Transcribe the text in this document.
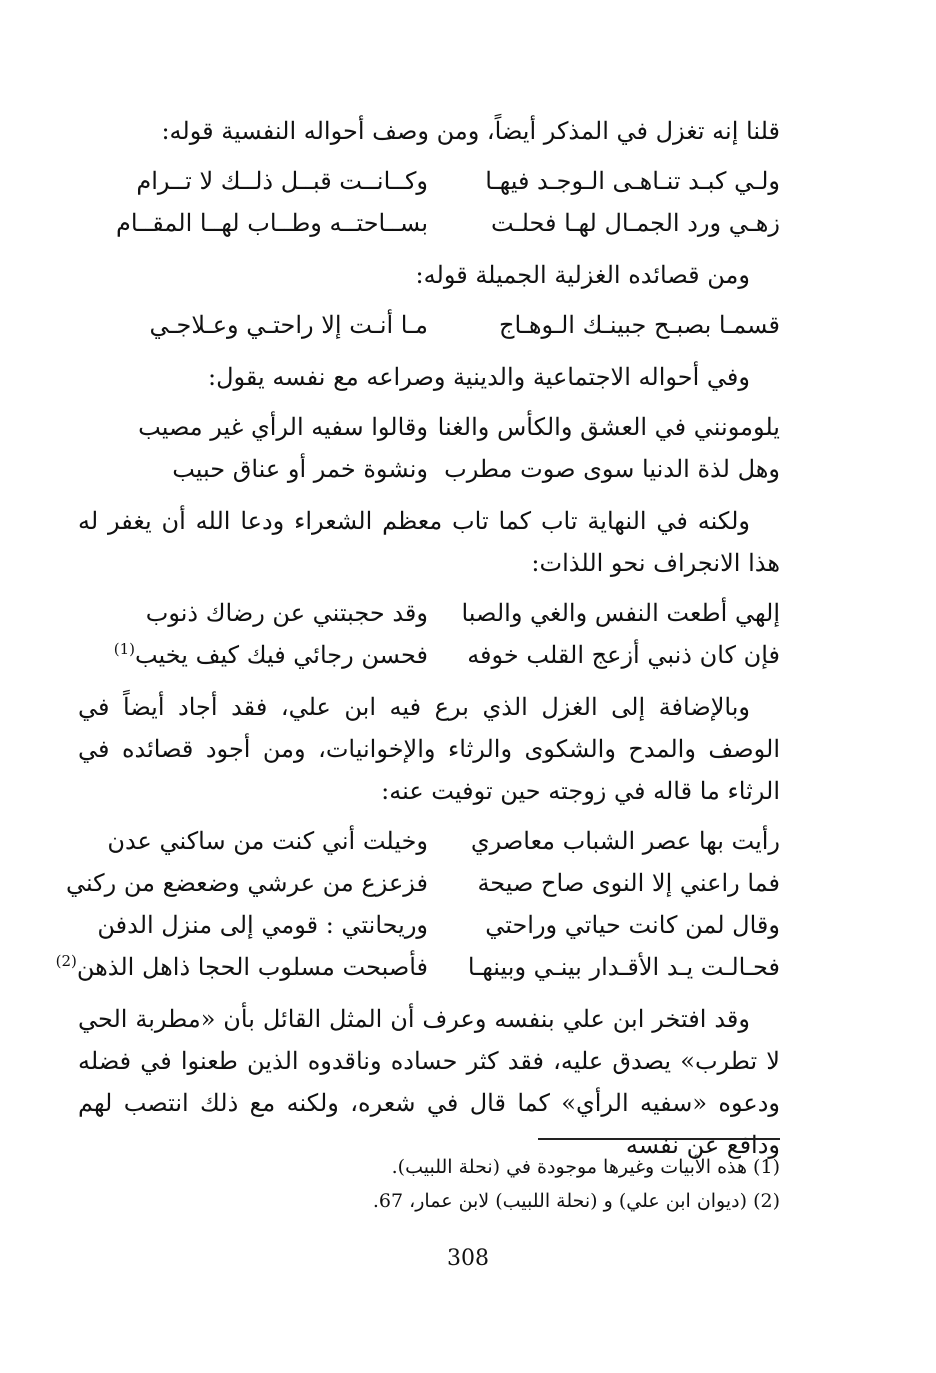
قلنا إنه تغزل في المذكر أيضاً، ومن وصف أحواله النفسية قوله:

ولـي كبـد تنـاهـى الـوجـد فيهـا
وكــانــت قبــل ذلــك لا تــرام
زهـي ورد الجمـال لهـا فحلـت
بســاحتــه وطــاب لهــا المقــام

ومن قصائده الغزلية الجميلة قوله:

قسمـا بصبـح جبينـك الـوهـاج
مـا أنـت إلا راحتـي وعـلاجـي

وفي أحواله الاجتماعية والدينية وصراعه مع نفسه يقول:

يلومونني في العشق والكأس والغنا
وقالوا سفيه الرأي غير مصيب
وهل لذة الدنيا سوى صوت مطرب
ونشوة خمر أو عناق حبيب

ولكنه في النهاية تاب كما تاب معظم الشعراء ودعا الله أن يغفر له هذا الانجراف نحو اللذات:

إلهي أطعت النفس والغي والصبا
وقد حجبتني عن رضاك ذنوب
فإن كان ذنبي أزعج القلب خوفه
فحسن رجائي فيك كيف يخيب$^{(1)}$

وبالإضافة إلى الغزل الذي برع فيه ابن علي، فقد أجاد أيضاً في الوصف والمدح والشكوى والرثاء والإخوانيات، ومن أجود قصائده في الرثاء ما قاله في زوجته حين توفيت عنه:

رأيت بها عصر الشباب معاصري
وخيلت أني كنت من ساكني عدن
فما راعني إلا النوى صاح صيحة
فزعزع من عرشي وضعضع من ركني
وقال لمن كانت حياتي وراحتي
وريحانتي : قومي إلى منزل الدفن
فحـالـت يـد الأقـدار بينـي وبينهـا
فأصبحت مسلوب الحجا ذاهل الذهن$^{(2)}$

وقد افتخر ابن علي بنفسه وعرف أن المثل القائل بأن «مطربة الحي لا تطرب» يصدق عليه، فقد كثر حساده وناقدوه الذين طعنوا في فضله ودعوه «سفيه الرأي» كما قال في شعره، ولكنه مع ذلك انتصب لهم ودافع عن نفسه

(1) هذه الأبيات وغيرها موجودة في (نحلة اللبيب).

(2) (ديوان ابن علي) و (نحلة اللبيب) لابن عمار، 67.

308
